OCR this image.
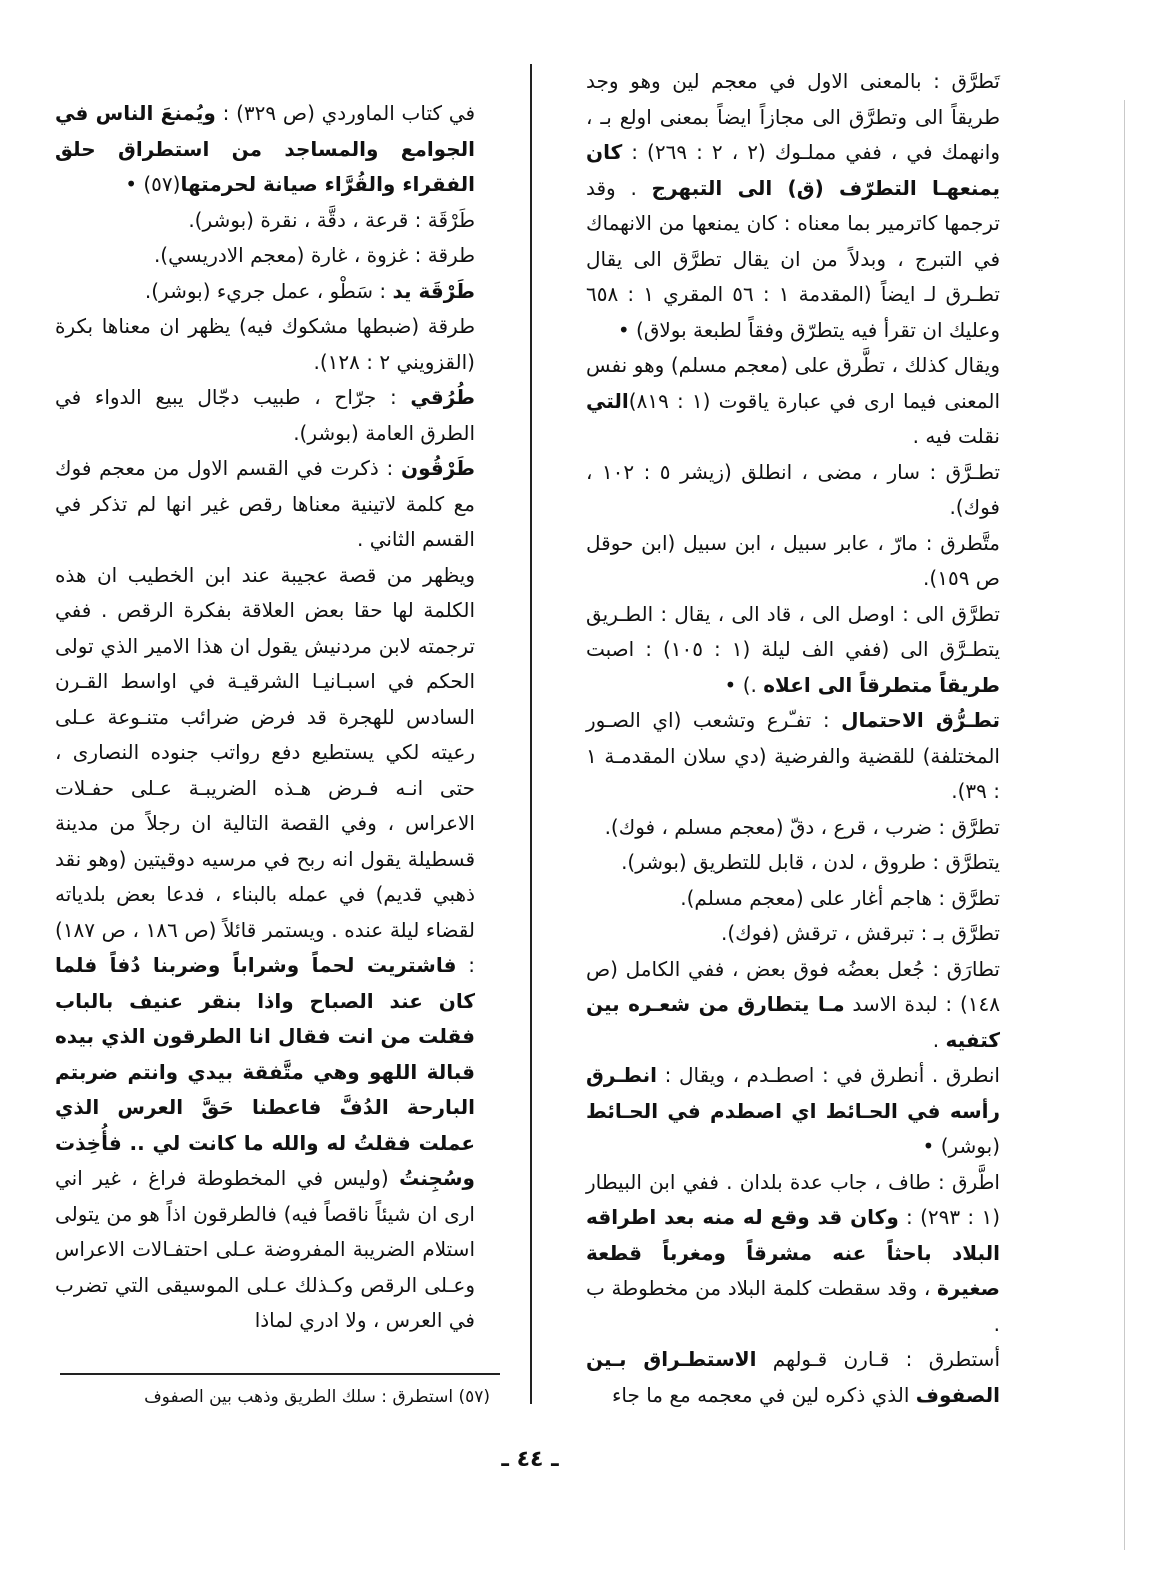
تَطرَّق : بالمعنى الاول في معجم لين وهو وجد طريقاً الى وتطرَّق الى مجازاً ايضاً بمعنى اولع بـ ، وانهمك في ، ففي مملـوك (٢ ، ٢ : ٢٦٩) : كان يمنعهـا التطرّف (ق) الى التبهرج . وقد ترجمها كاترمير بما معناه : كان يمنعها من الانهماك في التبرج ، وبدلاً من ان يقال تطرَّق الى يقال تطـرق لـ ايضاً (المقدمة ١ : ٥٦ المقري ١ : ٦٥٨ وعليك ان تقرأ فيه يتطرّق وفقاً لطبعة بولاق) •

ويقال كذلك ، تطَّرق على (معجم مسلم) وهو نفس المعنى فيما ارى في عبارة ياقوت (١ : ٨١٩)التي نقلت فيه .

تطـرَّق : سار ، مضى ، انطلق (زيشر ٥ : ١٠٢ ، فوك).

متَّطرق : مارّ ، عابر سبيل ، ابن سبيل (ابن حوقل ص ١٥٩).

تطرَّق الى : اوصل الى ، قاد الى ، يقال : الطـريق يتطـرَّق الى (ففي الف ليلة (١ : ١٠٥) : اصبت طريقاً متطرقاً الى اعلاه .) •

تطـرُّق الاحتمال : تفـّرع وتشعب (اي الصـور المختلفة) للقضية والفرضية (دي سلان المقدمـة ١ : ٣٩).

تطرَّق : ضرب ، قرع ، دقّ (معجم مسلم ، فوك).

يتطرَّق : طروق ، لدن ، قابل للتطريق (بوشر).

تطرَّق : هاجم أغار على (معجم مسلم).

تطرَّق بـ : تبرقش ، ترقش (فوك).

تطارَق : جُعل بعضُه فوق بعض ، ففي الكامل (ص ١٤٨) : لبدة الاسد مـا يتطارق من شعـره بين كتفيه .

انطرق . أنطرق في : اصطـدم ، ويقال : انطـرق رأسه في الحـائط اي اصطدم في الحـائط (بوشر) •

اطَّرق : طاف ، جاب عدة بلدان . ففي ابن البيطار (١ : ٢٩٣) : وكان قد وقع له منه بعد اطراقه البلاد باحثاً عنه مشرقاً ومغرباً قطعة صغيرة ، وقد سقطت كلمة البلاد من مخطوطة ب .

أستطرق : قـارن قـولهم الاستطـراق بـين الصفوف الذي ذكره لين في معجمه مع ما جاء

في كتاب الماوردي (ص ٣٢٩) : ويُمنعَ الناس في الجوامع والمساجد من استطراق حلق الفقراء والقُرَّاء صيانة لحرمتها(٥٧) •

طَرْقَة : قرعة ، دقَّة ، نقرة (بوشر).

طرقة : غزوة ، غارة (معجم الادريسي).

طَرْقَة يد : سَطْو ، عمل جريء (بوشر).

طرقة (ضبطها مشكوك فيه) يظهر ان معناها بكرة (القزويني ٢ : ١٢٨).

طُرُقي : جرّاح ، طبيب دجّال يبيع الدواء في الطرق العامة (بوشر).

طَرْقُون : ذكرت في القسم الاول من معجم فوك مع كلمة لاتينية معناها رقص غير انها لم تذكر في القسم الثاني .

ويظهر من قصة عجيبة عند ابن الخطيب ان هذه الكلمة لها حقا بعض العلاقة بفكرة الرقص . ففي ترجمته لابن مردنيش يقول ان هذا الامير الذي تولى الحكم في اسبـانيـا الشرقيـة في اواسط القـرن السادس للهجرة قد فرض ضرائب متنـوعة عـلى رعيته لكي يستطيع دفع رواتب جنوده النصارى ، حتى انـه فـرض هـذه الضريبـة عـلى حفـلات الاعراس ، وفي القصة التالية ان رجلاً من مدينة قسطيلة يقول انه ربح في مرسيه دوقيتين (وهو نقد ذهبي قديم) في عمله بالبناء ، فدعا بعض بلدياته لقضاء ليلة عنده . ويستمر قائلاً (ص ١٨٦ ، ص ١٨٧) : فاشتريت لحماً وشراباً وضربنا دُفاً فلما كان عند الصباح واذا بنقر عنيف بالباب فقلت من انت فقال انا الطرقون الذي بيده قبالة اللهو وهي متَّفقة بيدي وانتم ضربتم البارحة الدُفَّ فاعطنا حَقَّ العرس الذي عملت فقلتُ له والله ما كانت لي .. فأُخِذت وسُجِنتُ (وليس في المخطوطة فراغ ، غير اني ارى ان شيئاً ناقصاً فيه) فالطرقون اذاً هو من يتولى استلام الضريبة المفروضة عـلى احتفـالات الاعراس وعـلى الرقص وكـذلك عـلى الموسيقى التي تضرب في العرس ، ولا ادري لماذا

(٥٧) استطرق : سلك الطريق وذهب بين الصفوف
ـ ٤٤ ـ
